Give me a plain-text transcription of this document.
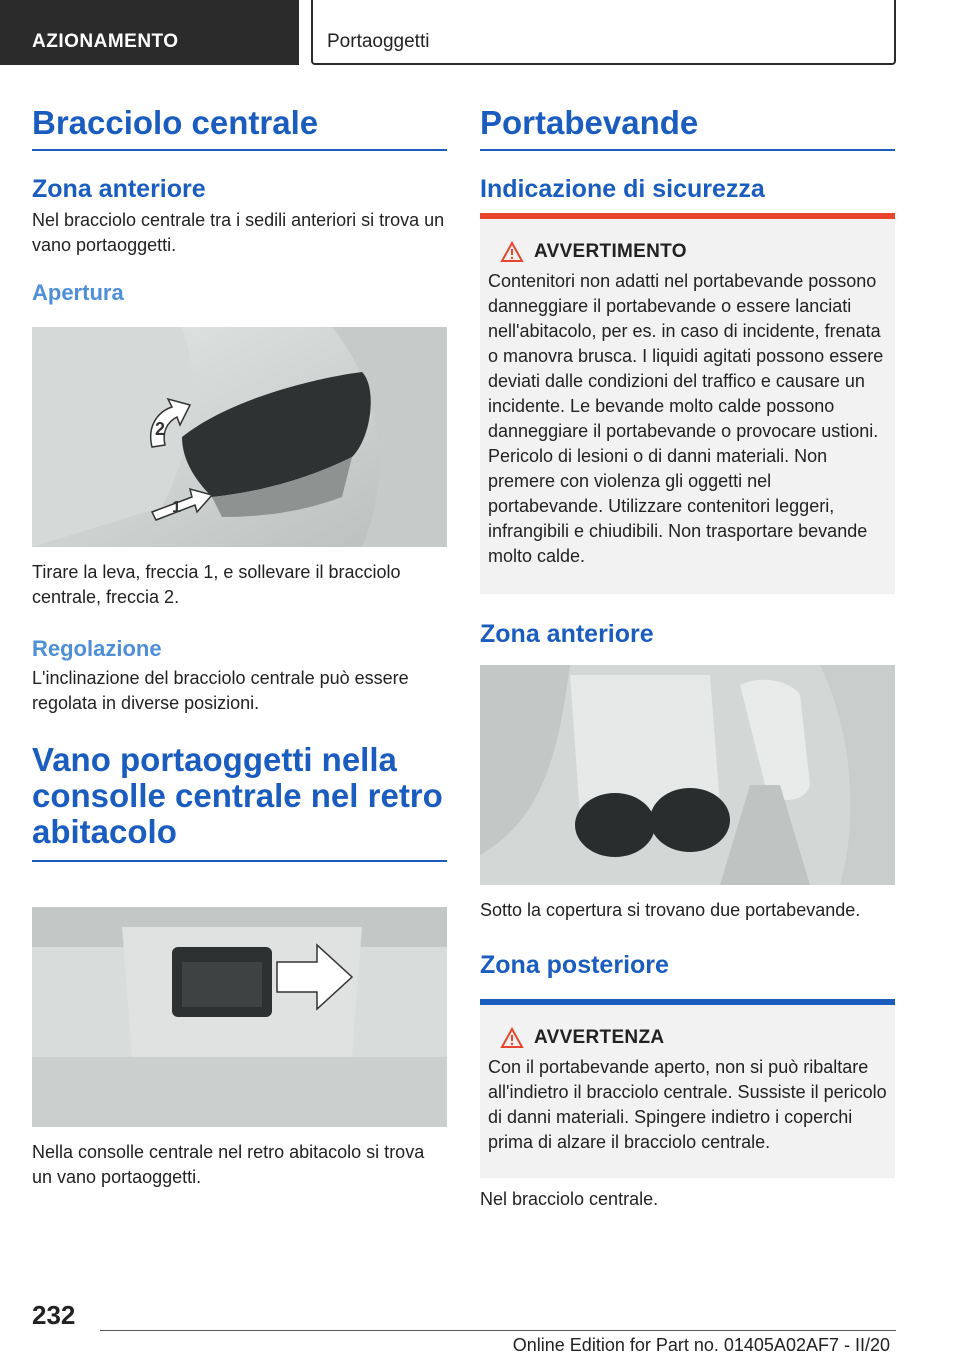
AZIONAMENTO	Portaoggetti
Bracciolo centrale
Zona anteriore

Nel bracciolo centrale tra i sedili anteriori si trova un vano portaoggetti.

Apertura
1
2

Tirare la leva, freccia 1, e sollevare il bracciolo centrale, freccia 2.

Regolazione

L'inclinazione del bracciolo centrale può essere regolata in diverse posizioni.

Vano portaoggetti nella consolle centrale nel retro abitacolo

Nella consolle centrale nel retro abitacolo si trova un vano portaoggetti.

Portabevande
Indicazione di sicurezza
AVVERTIMENTO

Contenitori non adatti nel portabevande possono danneggiare il portabevande o essere lanciati nell'abitacolo, per es. in caso di incidente, frenata o manovra brusca. I liquidi agitati possono essere deviati dalle condizioni del traffico e causare un incidente. Le bevande molto calde possono danneggiare il portabevande o provocare ustioni. Pericolo di lesioni o di danni materiali. Non premere con violenza gli oggetti nel portabevande. Utilizzare contenitori leggeri, infrangibili e chiudibili. Non trasportare bevande molto calde.

Zona anteriore

Sotto la copertura si trovano due portabevande.

Zona posteriore
AVVERTENZA

Con il portabevande aperto, non si può ribaltare all'indietro il bracciolo centrale. Sussiste il pericolo di danni materiali. Spingere indietro i coperchi prima di alzare il bracciolo centrale.

Nel bracciolo centrale.

232
Online Edition for Part no. 01405A02AF7 - II/20
